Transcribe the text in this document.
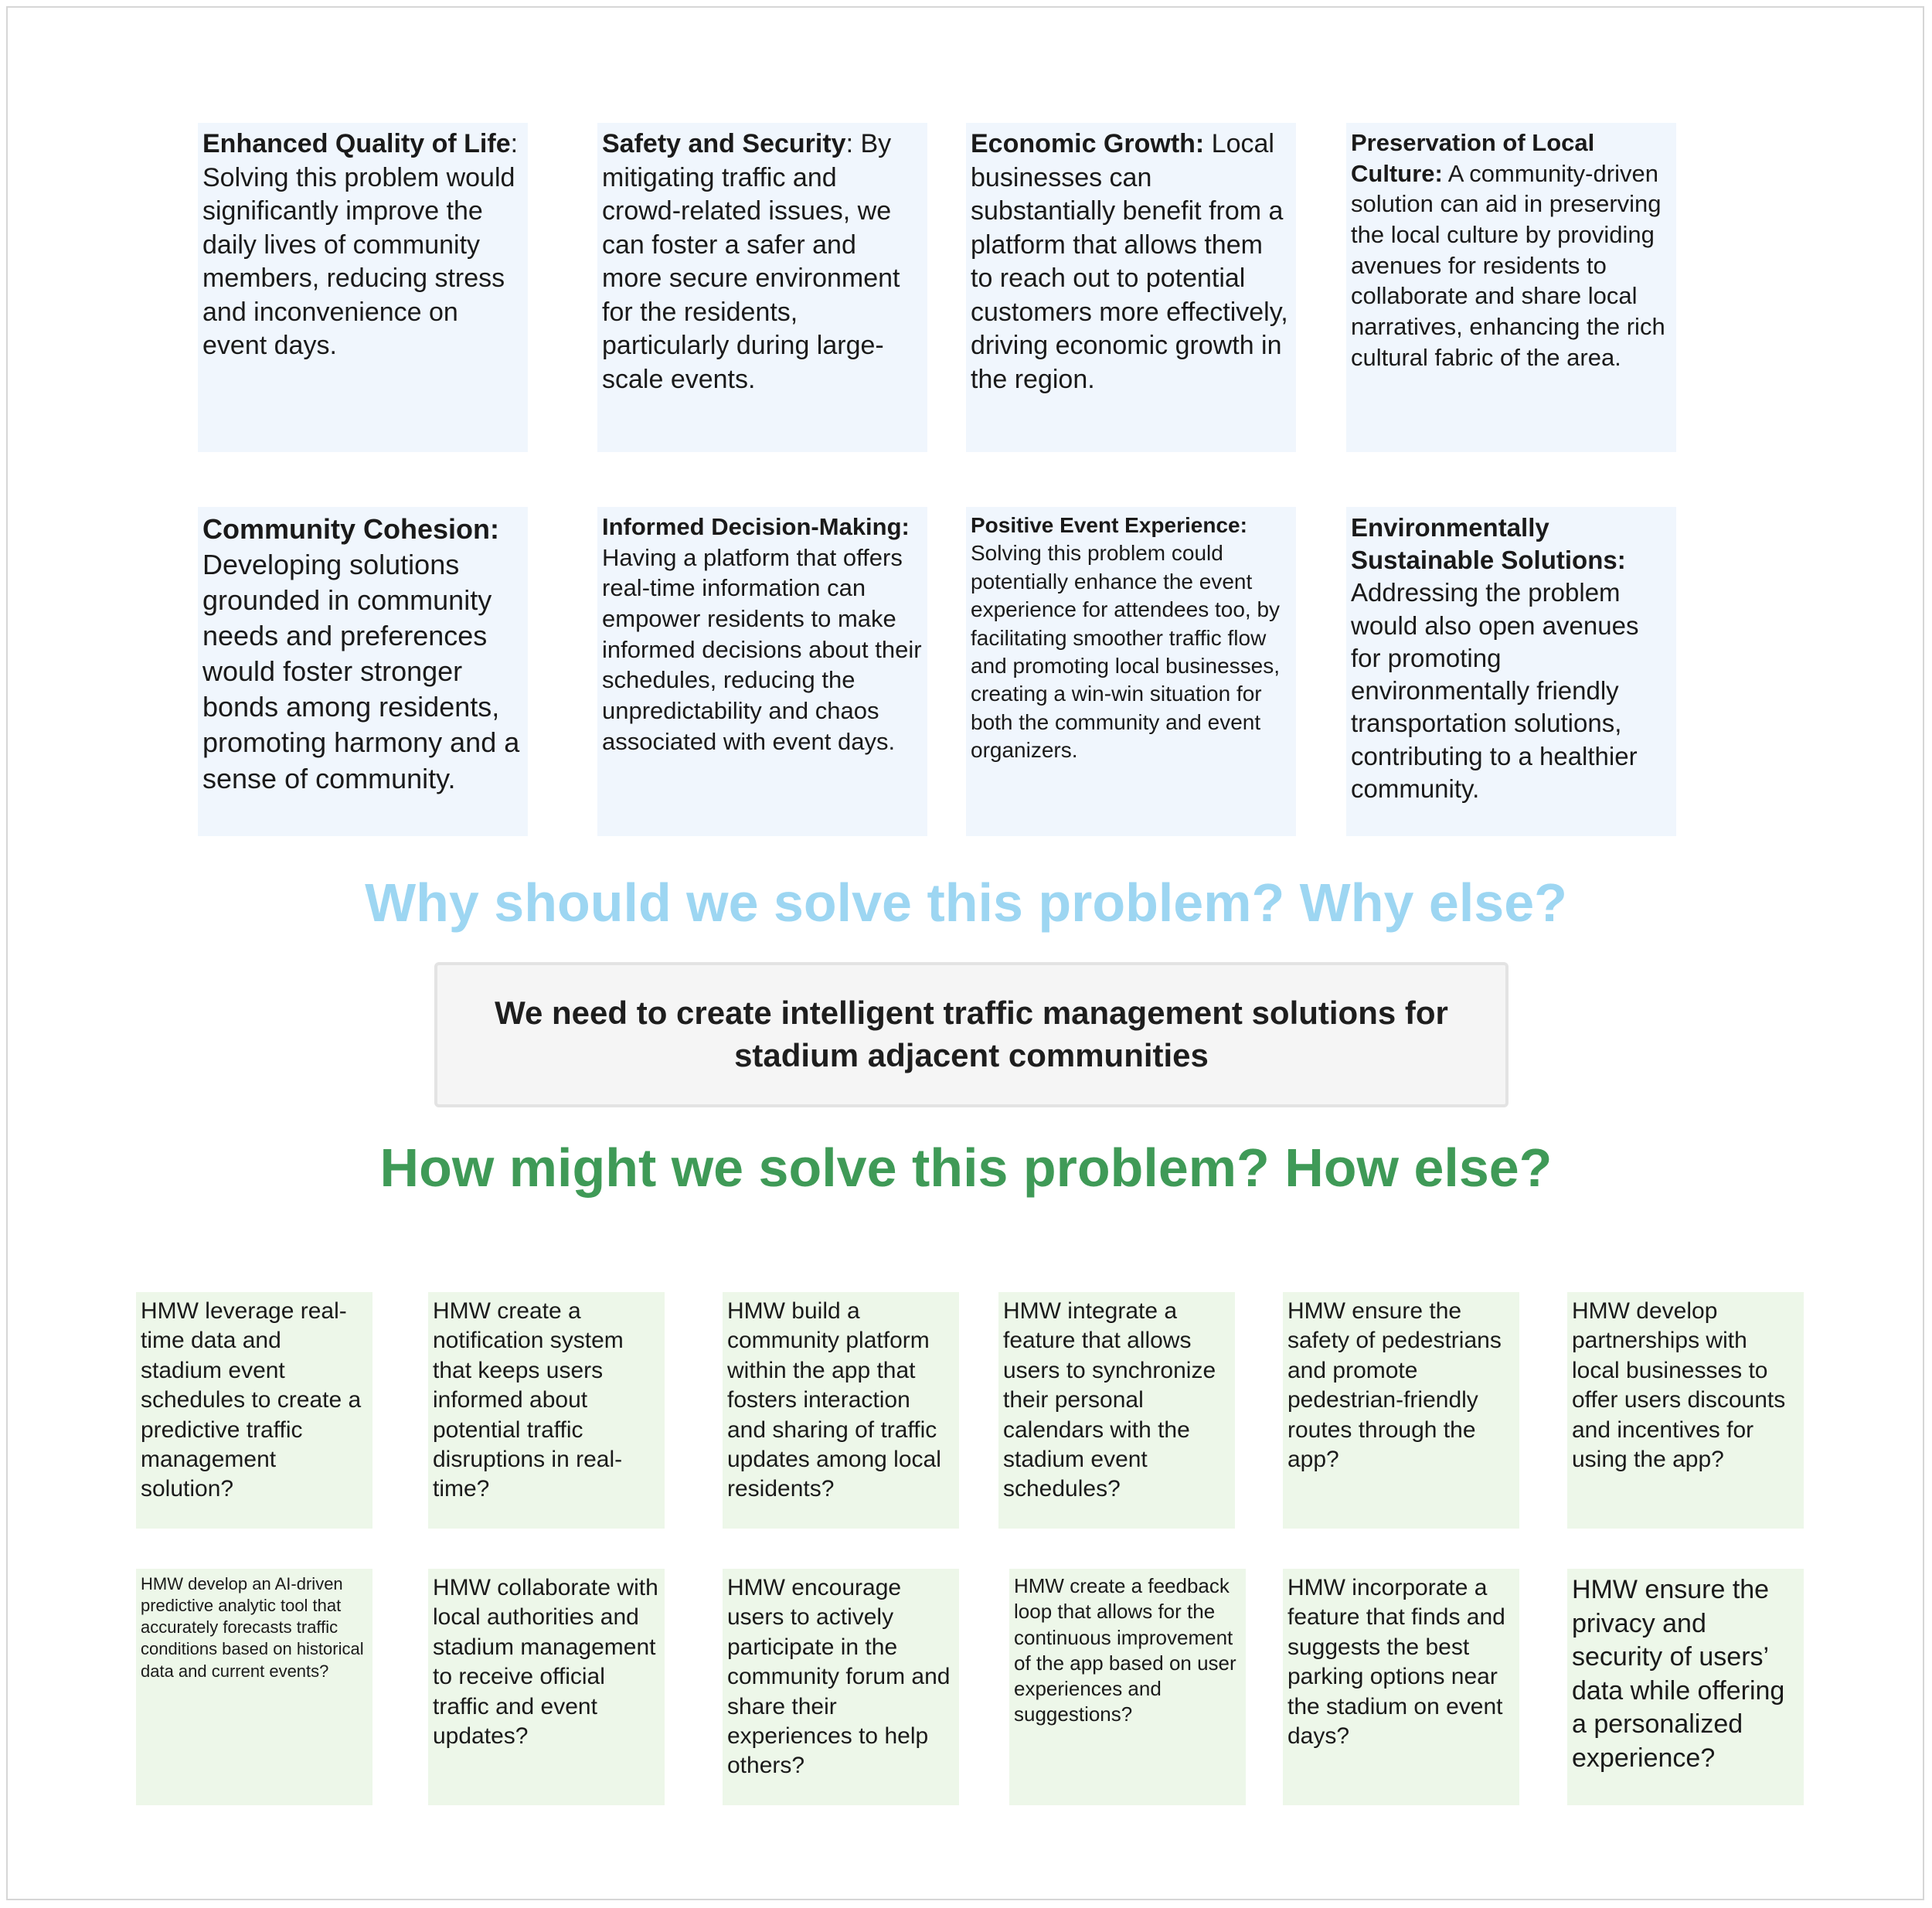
Enhanced Quality of Life: Solving this problem would significantly improve the daily lives of community members, reducing stress and inconvenience on event days.
Safety and Security: By mitigating traffic and crowd-related issues, we can foster a safer and more secure environment for the residents, particularly during large-scale events.
Economic Growth: Local businesses can substantially benefit from a platform that allows them to reach out to potential customers more effectively, driving economic growth in the region.
Preservation of Local Culture: A community-driven solution can aid in preserving the local culture by providing avenues for residents to collaborate and share local narratives, enhancing the rich cultural fabric of the area.
Community Cohesion: Developing solutions grounded in community needs and preferences would foster stronger bonds among residents, promoting harmony and a sense of community.
Informed Decision-Making: Having a platform that offers real-time information can empower residents to make informed decisions about their schedules, reducing the unpredictability and chaos associated with event days.
Positive Event Experience: Solving this problem could potentially enhance the event experience for attendees too, by facilitating smoother traffic flow and promoting local businesses, creating a win-win situation for both the community and event organizers.
Environmentally Sustainable Solutions: Addressing the problem would also open avenues for promoting environmentally friendly transportation solutions, contributing to a healthier community.
Why should we solve this problem? Why else?
We need to create intelligent traffic management solutions for stadium adjacent communities
How might we solve this problem? How else?
HMW leverage real-time data and stadium event schedules to create a predictive traffic management solution?
HMW create a notification system that keeps users informed about potential traffic disruptions in real-time?
HMW build a community platform within the app that fosters interaction and sharing of traffic updates among local residents?
HMW integrate a feature that allows users to synchronize their personal calendars with the stadium event schedules?
HMW ensure the safety of pedestrians and promote pedestrian-friendly routes through the app?
HMW develop partnerships with local businesses to offer users discounts and incentives for using the app?
HMW develop an AI-driven predictive analytic tool that accurately forecasts traffic conditions based on historical data and current events?
HMW collaborate with local authorities and stadium management to receive official traffic and event updates?
HMW encourage users to actively participate in the community forum and share their experiences to help others?
HMW create a feedback loop that allows for the continuous improvement of the app based on user experiences and suggestions?
HMW incorporate a feature that finds and suggests the best parking options near the stadium on event days?
HMW ensure the privacy and security of users’ data while offering a personalized experience?
